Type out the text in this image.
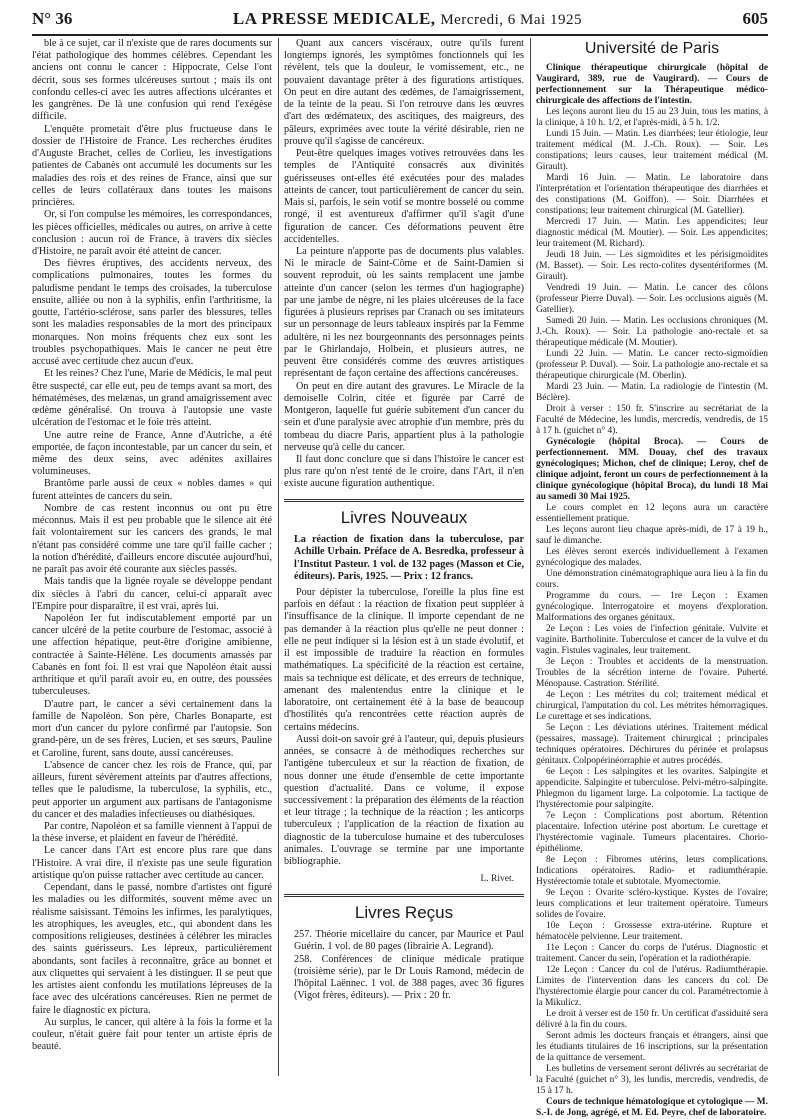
N° 36	LA PRESSE MEDICALE, Mercredi, 6 Mai 1925	605

ble à ce sujet, car il n'existe que de rares documents sur l'état pathologique des hommes célèbres. Cependant les anciens ont connu le cancer : Hippocrate, Celse l'ont décrit, sous ses formes ulcéreuses surtout ; mais ils ont confondu celles-ci avec les autres affections ulcérantes et les gangrènes. De là une confusion qui rend l'exégèse difficile.

L'enquête prometait d'être plus fructueuse dans le dossier de l'Histoire de France. Les recherches érudites d'Auguste Brachet, celles de Corlieu, les investigations patientes de Cabanès ont accumulé les documents sur les maladies des rois et des reines de France, ainsi que sur celles de leurs collatéraux dans toutes les maisons princières.

Or, si l'on compulse les mémoires, les correspondances, les pièces officielles, médicales ou autres, on arrive à cette conclusion : aucun roi de France, à travers dix siècles d'Histoire, ne paraît avoir été atteint de cancer.

Des fièvres éruptives, des accidents nerveux, des complications pulmonaires, toutes les formes du paludisme pendant le temps des croisades, la tuberculose ensuite, alliée ou non à la syphilis, enfin l'arthritisme, la goutte, l'artério-sclérose, sans parler des blessures, telles sont les maladies responsables de la mort des principaux monarques. Non moins fréquents chez eux sont les troubles psychopathiques. Mais le cancer ne peut être accusé avec certitude chez aucun d'eux.

Et les reines? Chez l'une, Marie de Médicis, le mal peut être suspecté, car elle eut, peu de temps avant sa mort, des hématémèses, des melænas, un grand amaigrissement avec œdème généralisé. On trouva à l'autopsie une vaste ulcération de l'estomac et le foie très atteint.

Une autre reine de France, Anne d'Autriche, a été emportée, de façon incontestable, par un cancer du sein, et même des deux seins, avec adénites axillaires volumineuses.

Brantôme parle aussi de ceux « nobles dames » qui furent atteintes de cancers du sein.

Nombre de cas restent inconnus ou ont pu être méconnus. Mais il est peu probable que le silence ait été fait volontairement sur les cancers des grands, le mal n'étant pas considéré comme une tare qu'il faille cacher ; la notion d'hérédité, d'ailleurs encore discutée aujourd'hui, ne paraît pas avoir été courante aux siècles passés.

Mais tandis que la lignée royale se développe pendant dix siècles à l'abri du cancer, celui-ci apparaît avec l'Empire pour disparaître, il est vrai, après lui.

Napoléon Ier fut indiscutablement emporté par un cancer ulcéré de la petite courbure de l'estomac, associé à une affection hépatique, peut-être d'origine amibienne, contractée à Sainte-Hélène. Les documents amassés par Cabanès en font foi. Il est vrai que Napoléon était aussi arthritique et qu'il paraît avoir eu, en outre, des poussées tuberculeuses.

D'autre part, le cancer a sévi certainement dans la famille de Napoléon. Son père, Charles Bonaparte, est mort d'un cancer du pylore confirmé par l'autopsie. Son grand-père, un de ses frères, Lucien, et ses sœurs, Pauline et Caroline, furent, sans doute, aussi cancéreuses.

L'absence de cancer chez les rois de France, qui, par ailleurs, furent sévèrement atteints par d'autres affections, telles que le paludisme, la tuberculose, la syphilis, etc., peut apporter un argument aux partisans de l'antagonisme du cancer et des maladies infectieuses ou diathésiques.

Par contre, Napoléon et sa famille viennent à l'appui de la thèse inverse, et plaident en faveur de l'hérédité.

Le cancer dans l'Art est encore plus rare que dans l'Histoire. A vrai dire, il n'existe pas une seule figuration artistique qu'on puisse rattacher avec certitude au cancer.

Cependant, dans le passé, nombre d'artistes ont figuré les maladies ou les difformités, souvent même avec un réalisme saisissant. Témoins les infirmes, les paralytiques, les atrophiques, les aveugles, etc., qui abondent dans les compositions religieuses, destinées à célébrer les miracles des saints guérisseurs. Les lépreux, particulièrement abondants, sont faciles à reconnaître, grâce au bonnet et aux cliquettes qui servaient à les distinguer. Il se peut que les artistes aient confondu les mutilations lépreuses de la face avec des ulcérations cancéreuses. Rien ne permet de faire le diagnostic ex pictura.

Au surplus, le cancer, qui altère à la fois la forme et la couleur, n'était guère fait pour tenter un artiste épris de beauté.

Quant aux cancers viscéraux, outre qu'ils furent longtemps ignorés, les symptômes fonctionnels qui les révèlent, tels que la douleur, le vomissement, etc., ne pouvaient davantage prêter à des figurations artistiques. On peut en dire autant des œdèmes, de l'amaigrissement, de la teinte de la peau. Si l'on retrouve dans les œuvres d'art des œdémateux, des ascitiques, des maigreurs, des pâleurs, exprimées avec toute la vérité désirable, rien ne prouve qu'il s'agisse de cancéreux.

Peut-être quelques images votives retrouvées dans les temples de l'Antiquité consacrés aux divinités guérisseuses ont-elles été exécutées pour des malades atteints de cancer, tout particulièrement de cancer du sein. Mais si, parfois, le sein votif se montre bosselé ou comme rongé, il est aventureux d'affirmer qu'il s'agit d'une figuration de cancer. Ces déformations peuvent être accidentelles.

La peinture n'apporte pas de documents plus valables. Ni le miracle de Saint-Côme et de Saint-Damien si souvent reproduit, où les saints remplacent une jambe atteinte d'un cancer (selon les termes d'un hagiographe) par une jambe de nègre, ni les plaies ulcéreuses de la face figurées à plusieurs reprises par Cranach ou ses imitateurs sur un personnage de leurs tableaux inspirés par la Femme adultère, ni les nez bourgeonnants des personnages peints par le Ghirlandajo, Holbein, et plusieurs autres, ne peuvent être considérés comme des œuvres artistiques représentant de façon certaine des affections cancéreuses.

On peut en dire autant des gravures. Le Miracle de la demoiselle Colrin, citée et figurée par Carré de Montgeron, laquelle fut guérie subitement d'un cancer du sein et d'une paralysie avec atrophie d'un membre, près du tombeau du diacre Paris, appartient plus à la pathologie nerveuse qu'à celle du cancer.

Il faut donc conclure que si dans l'histoire le cancer est plus rare qu'on n'est tenté de le croire, dans l'Art, il n'en existe aucune figuration authentique.

Livres Nouveaux

La réaction de fixation dans la tuberculose, par Achille Urbain. Préface de A. Besredka, professeur à l'Institut Pasteur. 1 vol. de 132 pages (Masson et Cie, éditeurs). Paris, 1925. — Prix : 12 francs.

Pour dépister la tuberculose, l'oreille la plus fine est parfois en défaut : la réaction de fixation peut suppléer à l'insuffisance de la clinique. Il importe cependant de ne pas demander à la réaction plus qu'elle ne peut donner : elle ne peut indiquer si la lésion est à un stade évolutif, et il est impossible de traduire la réaction en formules mathématiques. La spécificité de la réaction est certaine, mais sa technique est délicate, et des erreurs de technique, amenant des malentendus entre la clinique et le laboratoire, ont certainement été à la base de beaucoup d'hostilités qu'a rencontrées cette réaction auprès de certains médecins.

Aussi doit-on savoir gré à l'auteur, qui, depuis plusieurs années, se consacre à de méthodiques recherches sur l'antigène tuberculeux et sur la réaction de fixation, de nous donner une étude d'ensemble de cette importante question d'actualité. Dans ce volume, il expose successivement : la préparation des éléments de la réaction et leur titrage ; la technique de la réaction ; les anticorps tuberculeux ; l'application de la réaction de fixation au diagnostic de la tuberculose humaine et des tuberculoses animales. L'ouvrage se termine par une importante bibliographie.

L. Rivet.
Livres Reçus

257. Théorie micellaire du cancer, par Maurice et Paul Guérin. 1 vol. de 80 pages (librairie A. Legrand).

258. Conférences de clinique médicale pratique (troisième série), par le Dr Louis Ramond, médecin de l'hôpital Laënnec. 1 vol. de 388 pages, avec 36 figures (Vigot frères, éditeurs). — Prix : 20 fr.

Université de Paris

Clinique thérapeutique chirurgicale (hôpital de Vaugirard, 389, rue de Vaugirard). — Cours de perfectionnement sur la Thérapeutique médico-chirurgicale des affections de l'intestin.

Les leçons auront lieu du 15 au 23 Juin, tous les matins, à la clinique, à 10 h. 1/2, et l'après-midi, à 5 h. 1/2.

Lundi 15 Juin. — Matin. Les diarrhées; leur étiologie, leur traitement médical (M. J.-Ch. Roux). — Soir. Les constipations; leurs causes, leur traitement médical (M. Girault).

Mardi 16 Juin. — Matin. Le laboratoire dans l'interprétation et l'orientation thérapeutique des diarrhées et des constipations (M. Goiffon). — Soir. Diarrhées et constipations; leur traitement chirurgical (M. Gatellier).

Mercredi 17 Juin. — Matin. Les appendicites; leur diagnostic médical (M. Moutier). — Soir. Les appendicites; leur traitement (M. Richard).

Jeudi 18 Juin. — Les sigmoïdites et les périsigmoïdites (M. Basset). — Soir. Les recto-colites dysentériformes (M. Girault).

Vendredi 19 Juin. — Matin. Le cancer des côlons (professeur Pierre Duval). — Soir. Les occlusions aiguës (M. Gatellier).

Samedi 20 Juin. — Matin. Les occlusions chroniques (M. J.-Ch. Roux). — Soir. La pathologie ano-rectale et sa thérapeutique médicale (M. Moutier).

Lundi 22 Juin. — Matin. Le cancer recto-sigmoïdien (professeur P. Duval). — Soir. La pathologie ano-rectale et sa thérapeutique chirurgicale (M. Oberlin).

Mardi 23 Juin. — Matin. La radiologie de l'intestin (M. Béclère).

Droit à verser : 150 fr. S'inscrire au secrétariat de la Faculté de Médecine, les lundis, mercredis, vendredis, de 15 à 17 h. (guichet n° 4).

Gynécologie (hôpital Broca). — Cours de perfectionnement. MM. Douay, chef des travaux gynécologiques; Michon, chef de clinique; Leroy, chef de clinique adjoint, feront un cours de perfectionnement à la clinique gynécologique (hôpital Broca), du lundi 18 Mai au samedi 30 Mai 1925.

Le cours complet en 12 leçons aura un caractère essentiellement pratique.

Les leçons auront lieu chaque après-midi, de 17 à 19 h., sauf le dimanche.

Les élèves seront exercés individuellement à l'examen gynécologique des malades.

Une démonstration cinématographique aura lieu à la fin du cours.

Programme du cours. — 1re Leçon : Examen gynécologique. Interrogatoire et moyens d'exploration. Malformations des organes génitaux.

2e Leçon : Les voies de l'infection génitale. Vulvite et vaginite. Bartholinite. Tuberculose et cancer de la vulve et du vagin. Fistules vaginales, leur traitement.

3e Leçon : Troubles et accidents de la menstruation. Troubles de la sécrétion interne de l'ovaire. Puberté. Ménopause. Castration. Stérilité.

4e Leçon : Les métrites du col; traitement médical et chirurgical, l'amputation du col. Les métrites hémorragiques. Le curettage et ses indications.

5e Leçon : Les déviations utérines. Traitement médical (pessaires, massage). Traitement chirurgical ; principales techniques opératoires. Déchirures du périnée et prolapsus génitaux. Colpopérinéorraphie et autres procédés.

6e Leçon : Les salpingites et les ovarites. Salpingite et appendicite. Salpingite et tuberculose. Pelvi-métro-salpingite. Phlegmon du ligament large. La colpotomie. La tactique de l'hystérectomie pour salpingite.

7e Leçon : Complications post abortum. Rétention placentaire. Infection utérine post abortum. Le curettage et l'hystérectomie vaginale. Tumeurs placentaires. Chorio-épithéliome.

8e Leçon : Fibromes utérins, leurs complications. Indications opératoires. Radio- et radiumthérapie. Hystérectomie totale et subtotale. Myomectomie.

9e Leçon : Ovarite scléro-kystique. Kystes de l'ovaire; leurs complications et leur traitement opératoire. Tumeurs solides de l'ovaire.

10e Leçon : Grossesse extra-utérine. Rupture et hématocèle pelvienne. Leur traitement.

11e Leçon : Cancer du corps de l'utérus. Diagnostic et traitement. Cancer du sein, l'opération et la radiothérapie.

12e Leçon : Cancer du col de l'utérus. Radiumthérapie. Limites de l'intervention dans les cancers du col. De l'hystérectomie élargie pour cancer du col. Paramétrectomie à la Mikulicz.

Le droit à verser est de 150 fr. Un certificat d'assiduité sera délivré à la fin du cours.

Seront admis les docteurs français et étrangers, ainsi que les étudiants titulaires de 16 inscriptions, sur la présentation de la quittance de versement.

Les bulletins de versement seront délivrés au secrétariat de la Faculté (guichet n° 3), les lundis, mercredis, vendredis, de 15 à 17 h.

Cours de technique hématologique et cytologique — M. S.-I. de Jong, agrégé, et M. Ed. Peyre, chef de laboratoire.
